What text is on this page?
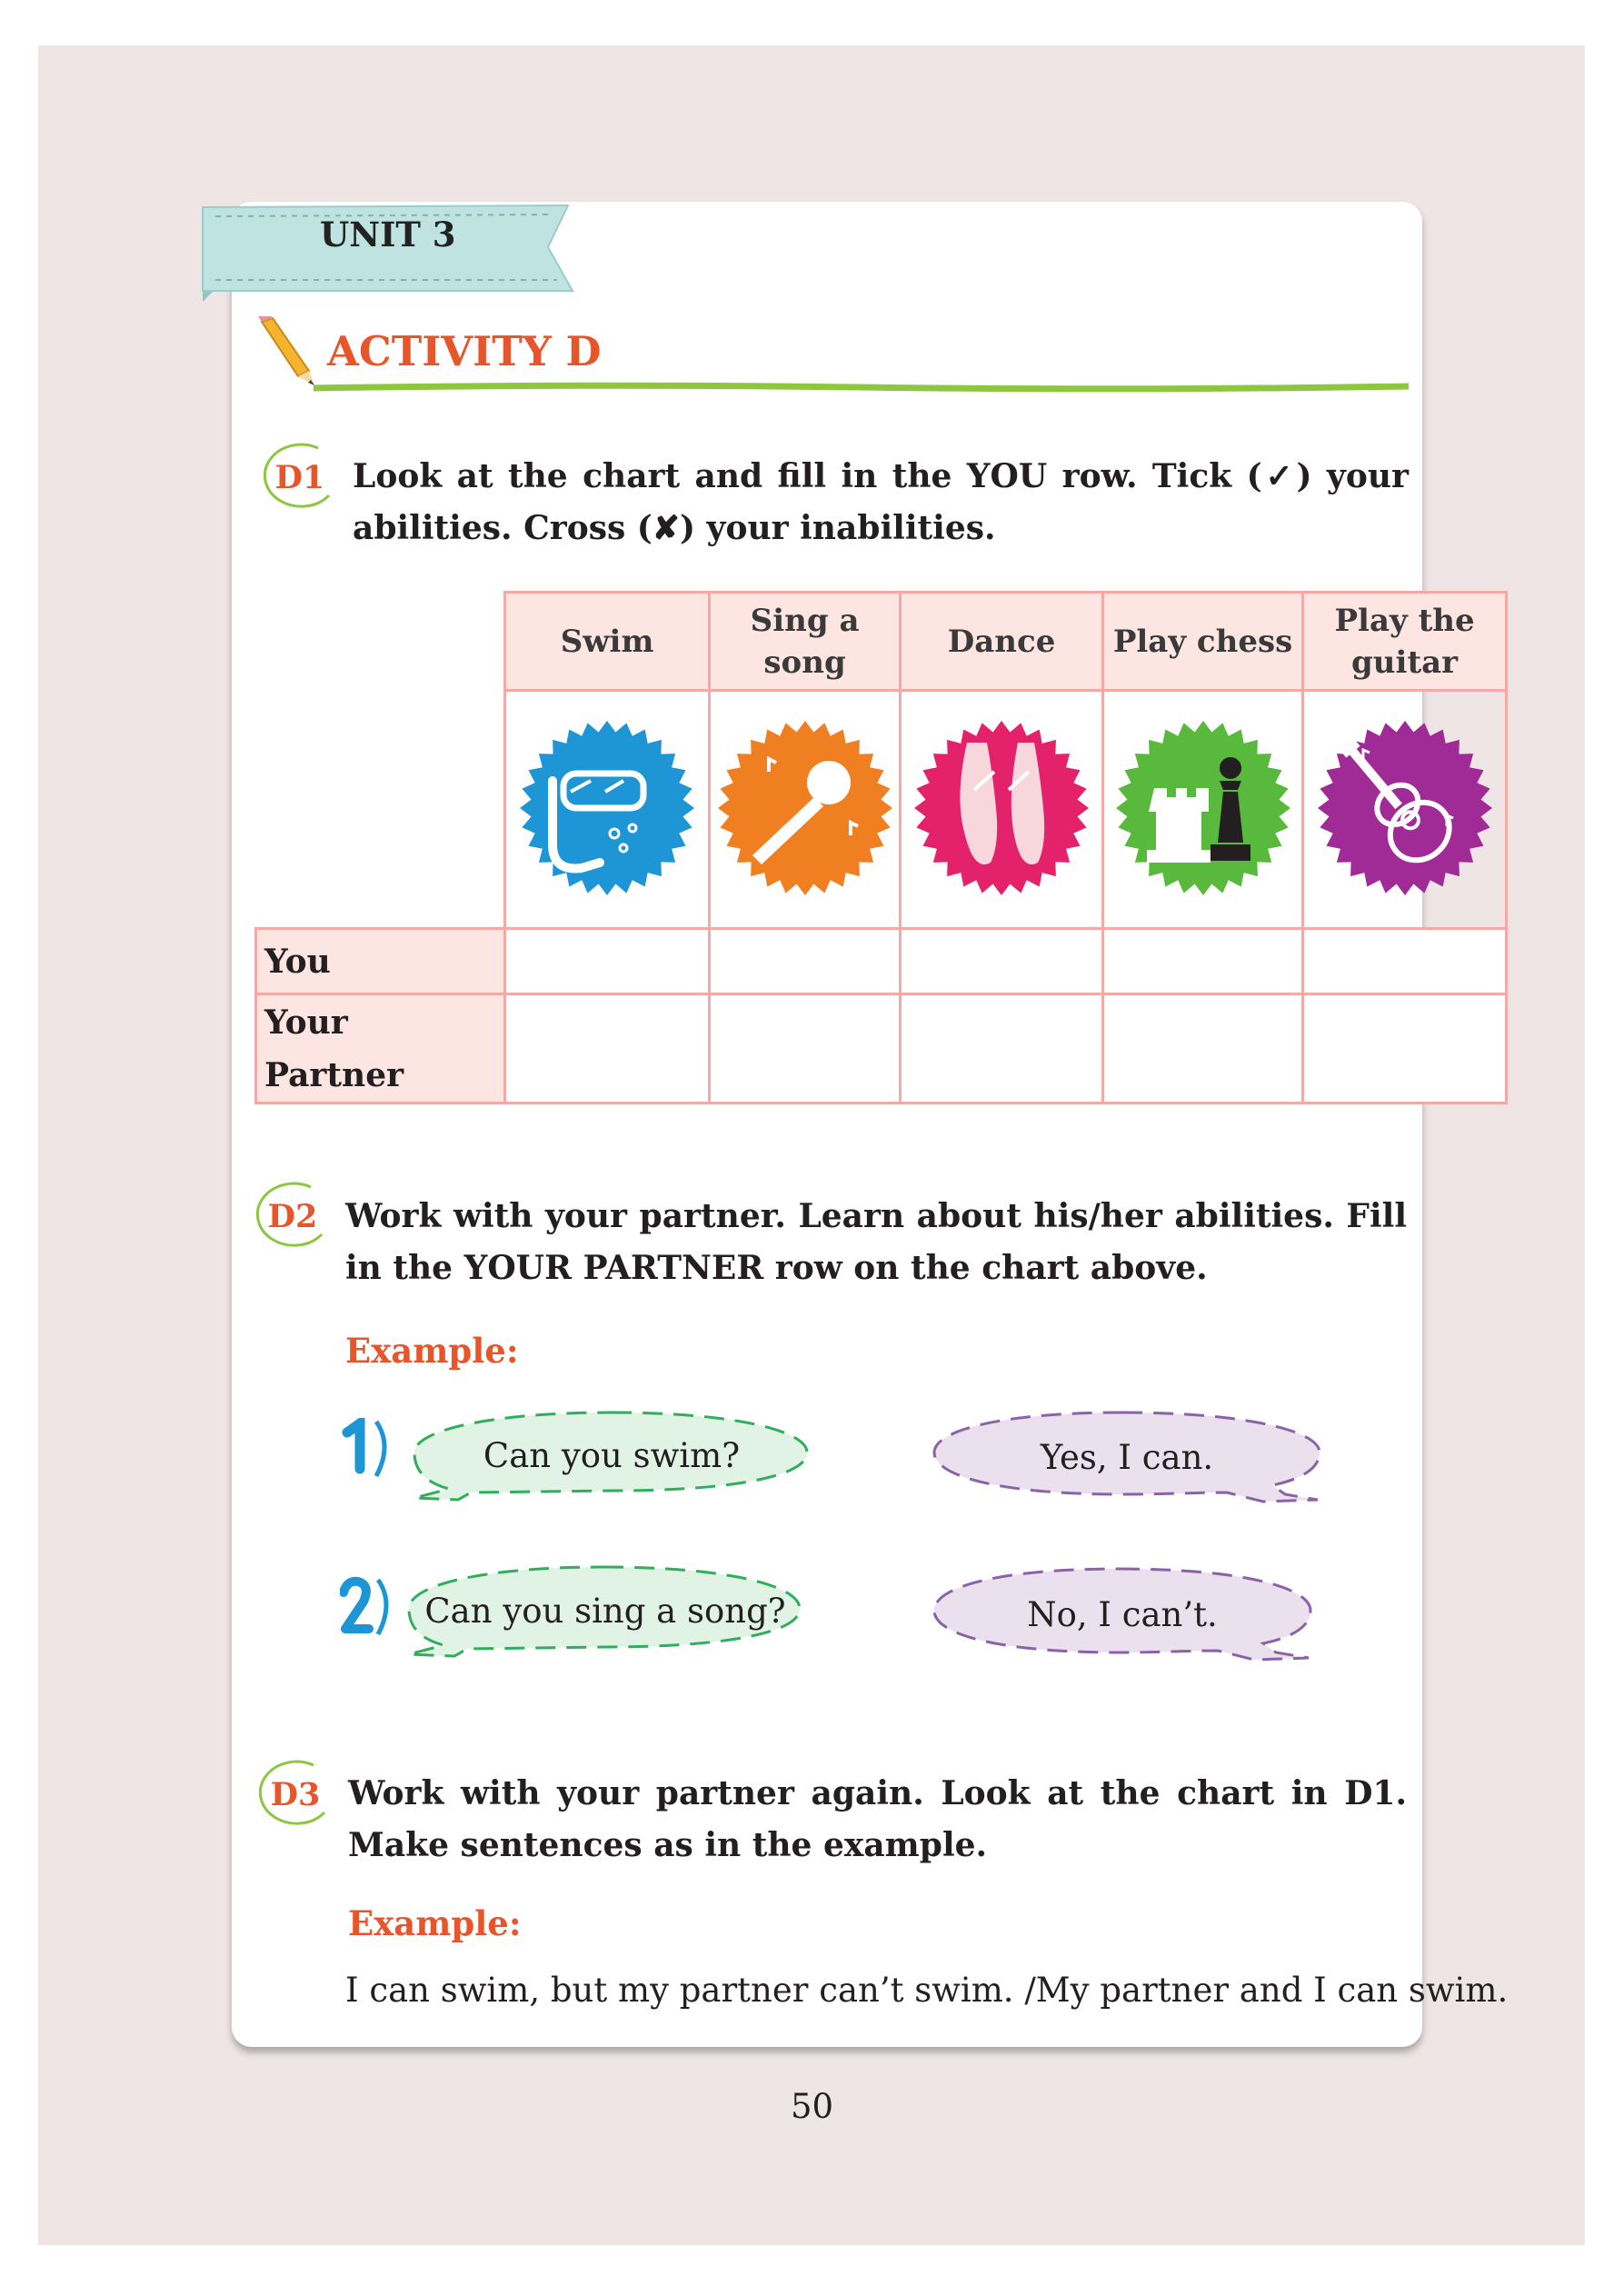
UNIT 3
ACTIVITY D
D1 Look at the chart and fill in the YOU row. Tick (✓) your abilities. Cross (✘) your inabilities.

	Swim	Sing a song	Dance	Play chess	Play the guitar

You					
Your Partner					
D2 Work with your partner. Learn about his/her abilities. Fill in the YOUR PARTNER row on the chart above.

Example:

Can you swim?	Yes, I can.
Can you sing a song?	No, I can’t.
D3 Work with your partner again. Look at the chart in D1. Make sentences as in the example.

Example:

I can swim, but my partner can’t swim. /My partner and I can swim.

50
